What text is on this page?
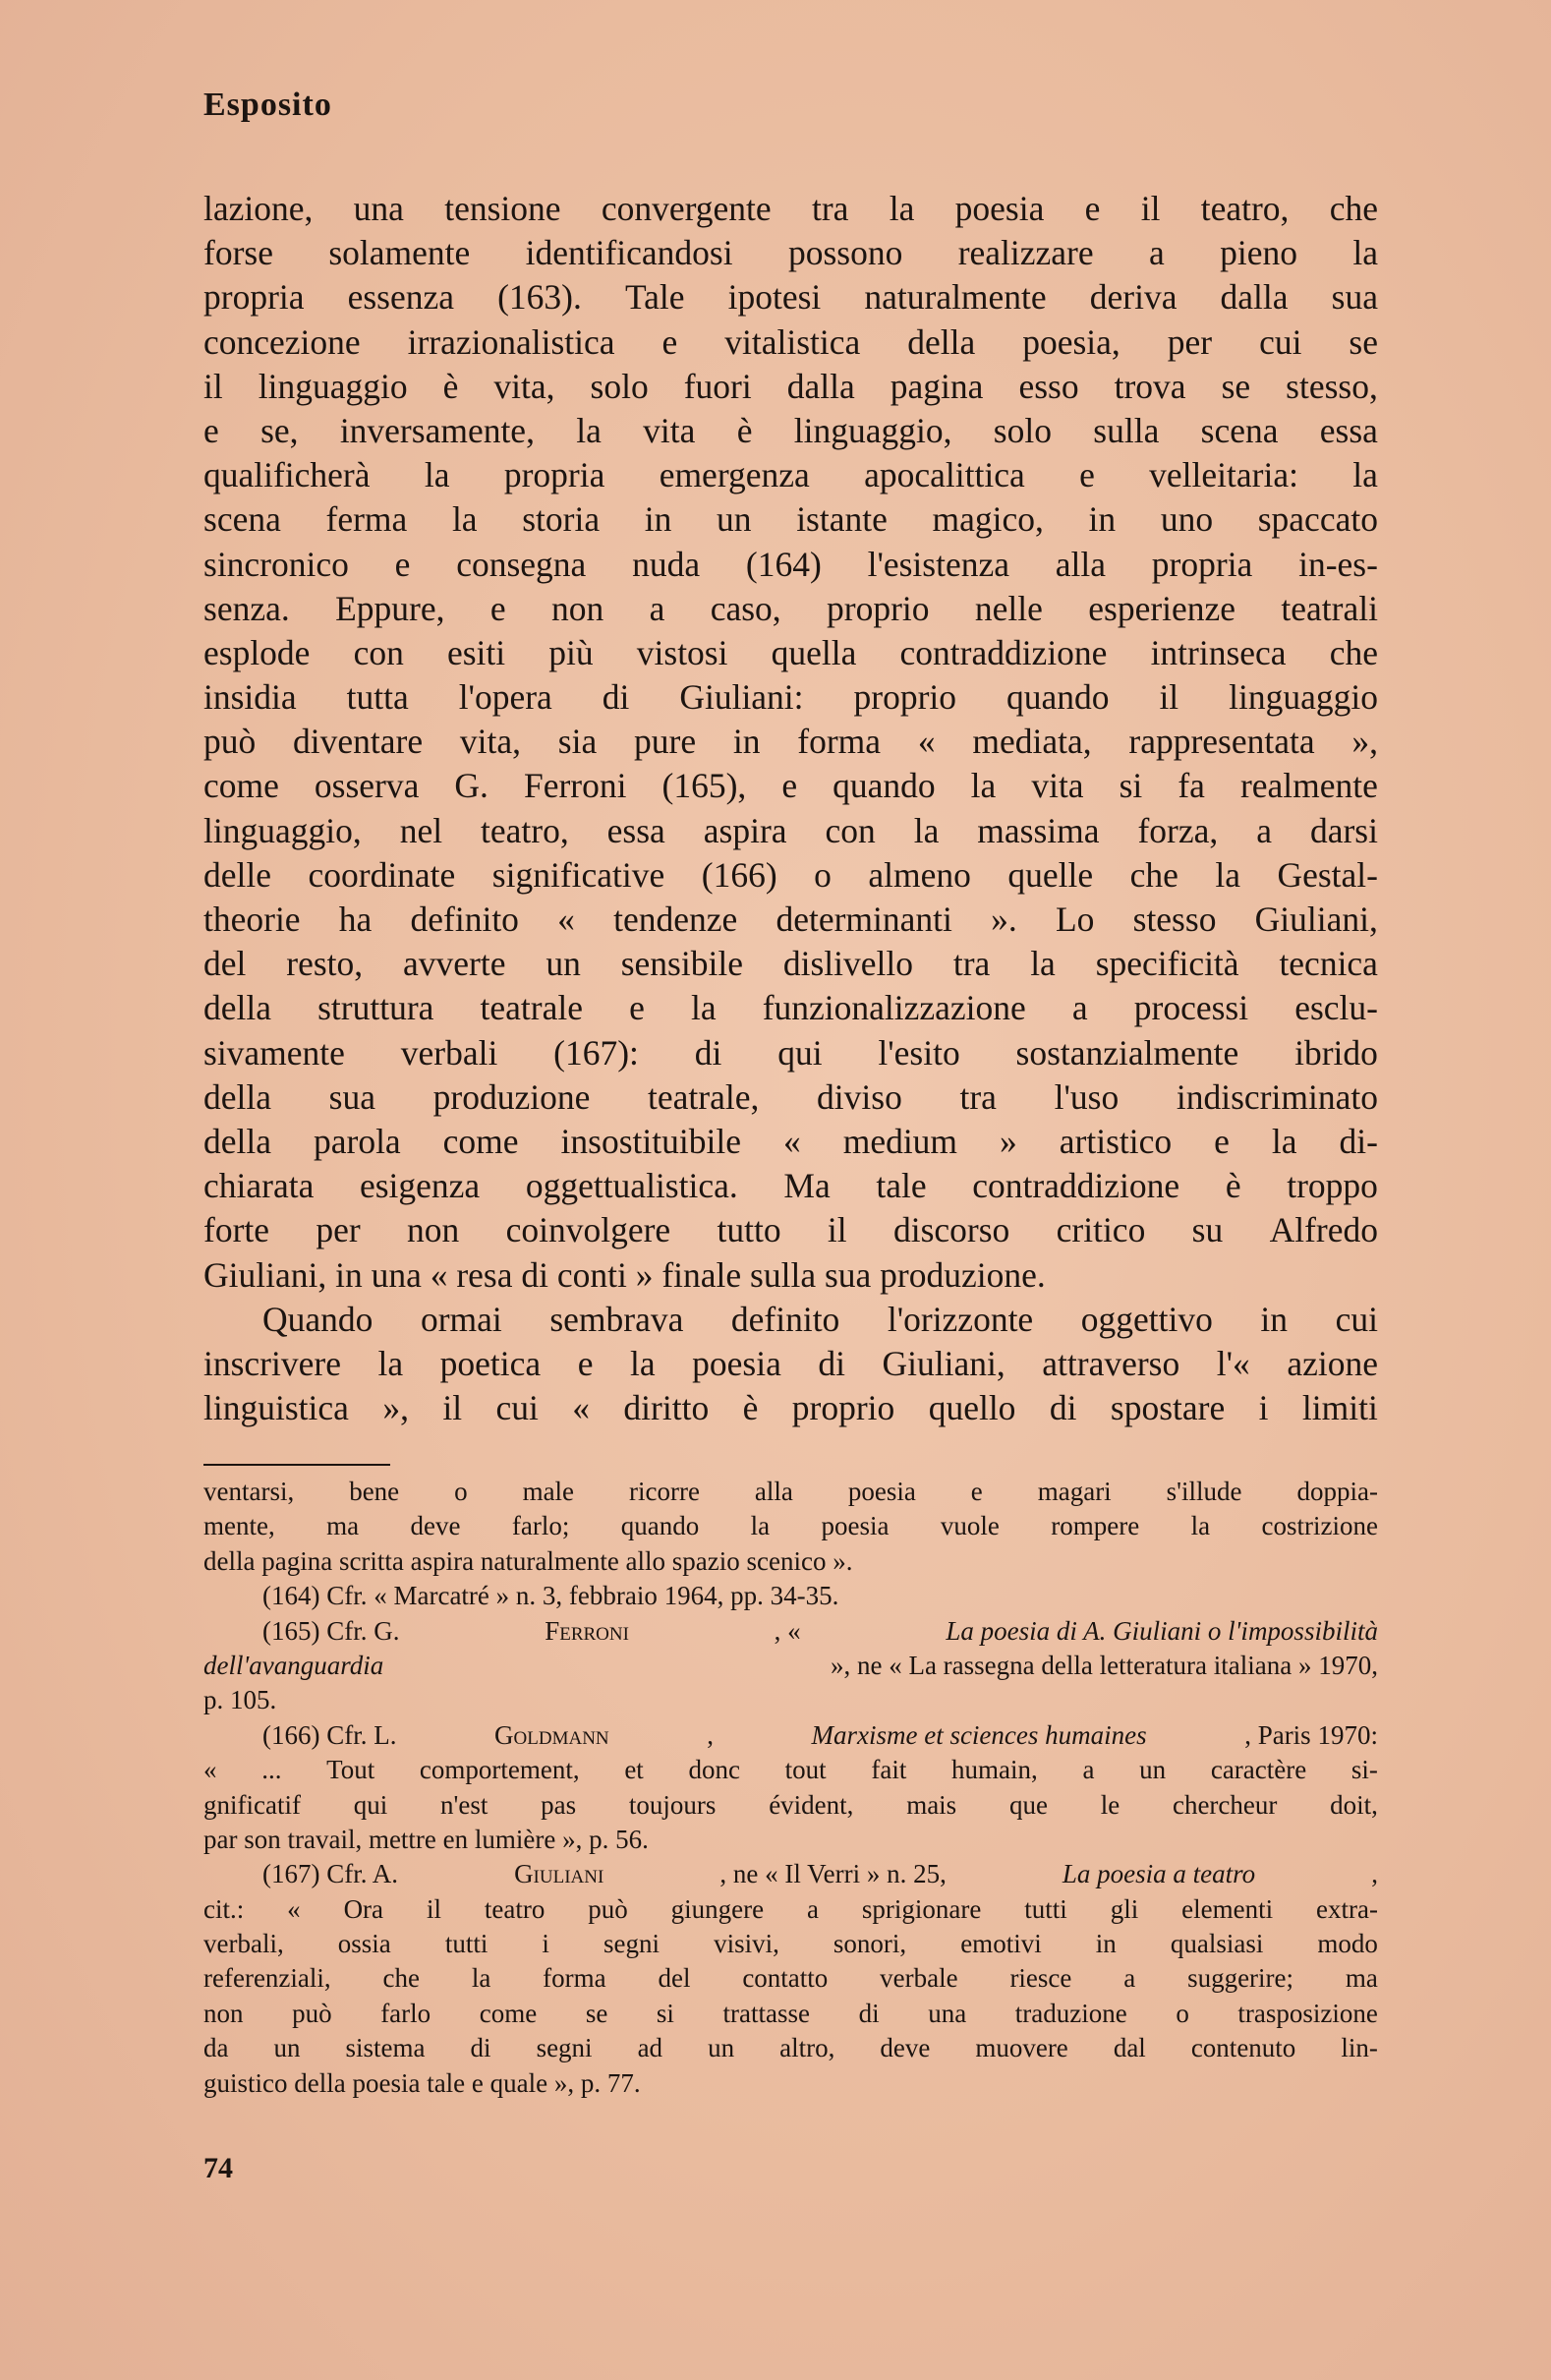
Esposito
lazione, una tensione convergente tra la poesia e il teatro, che
forse solamente identificandosi possono realizzare a pieno la
propria essenza (163). Tale ipotesi naturalmente deriva dalla sua
concezione irrazionalistica e vitalistica della poesia, per cui se
il linguaggio è vita, solo fuori dalla pagina esso trova se stesso,
e se, inversamente, la vita è linguaggio, solo sulla scena essa
qualificherà la propria emergenza apocalittica e velleitaria: la
scena ferma la storia in un istante magico, in uno spaccato
sincronico e consegna nuda (164) l'esistenza alla propria in-es-
senza. Eppure, e non a caso, proprio nelle esperienze teatrali
esplode con esiti più vistosi quella contraddizione intrinseca che
insidia tutta l'opera di Giuliani: proprio quando il linguaggio
può diventare vita, sia pure in forma « mediata, rappresentata »,
come osserva G. Ferroni (165), e quando la vita si fa realmente
linguaggio, nel teatro, essa aspira con la massima forza, a darsi
delle coordinate significative (166) o almeno quelle che la Gestal-
theorie ha definito « tendenze determinanti ». Lo stesso Giuliani,
del resto, avverte un sensibile dislivello tra la specificità tecnica
della struttura teatrale e la funzionalizzazione a processi esclu-
sivamente verbali (167): di qui l'esito sostanzialmente ibrido
della sua produzione teatrale, diviso tra l'uso indiscriminato
della parola come insostituibile « medium » artistico e la di-
chiarata esigenza oggettualistica. Ma tale contraddizione è troppo
forte per non coinvolgere tutto il discorso critico su Alfredo
Giuliani, in una « resa di conti » finale sulla sua produzione.
Quando ormai sembrava definito l'orizzonte oggettivo in cui
inscrivere la poetica e la poesia di Giuliani, attraverso l'« azione
linguistica », il cui « diritto è proprio quello di spostare i limiti
ventarsi, bene o male ricorre alla poesia e magari s'illude doppia-
mente, ma deve farlo; quando la poesia vuole rompere la costrizione
della pagina scritta aspira naturalmente allo spazio scenico ».
(164) Cfr. « Marcatré » n. 3, febbraio 1964, pp. 34-35.
(165) Cfr. G.	Ferroni	, «	La poesia di A. Giuliani o l'impossibilità
dell'avanguardia	», ne « La rassegna della letteratura italiana » 1970,
p. 105.
(166) Cfr. L.	Goldmann	,	Marxisme et sciences humaines	, Paris 1970:
« ... Tout comportement, et donc tout fait humain, a un caractère si-
gnificatif qui n'est pas toujours évident, mais que le chercheur doit,
par son travail, mettre en lumière », p. 56.
(167) Cfr. A.	Giuliani	, ne « Il Verri » n. 25,	La poesia a teatro	,
cit.: « Ora il teatro può giungere a sprigionare tutti gli elementi extra-
verbali, ossia tutti i segni visivi, sonori, emotivi in qualsiasi modo
referenziali, che la forma del contatto verbale riesce a suggerire; ma
non può farlo come se si trattasse di una traduzione o trasposizione
da un sistema di segni ad un altro, deve muovere dal contenuto lin-
guistico della poesia tale e quale », p. 77.
74
